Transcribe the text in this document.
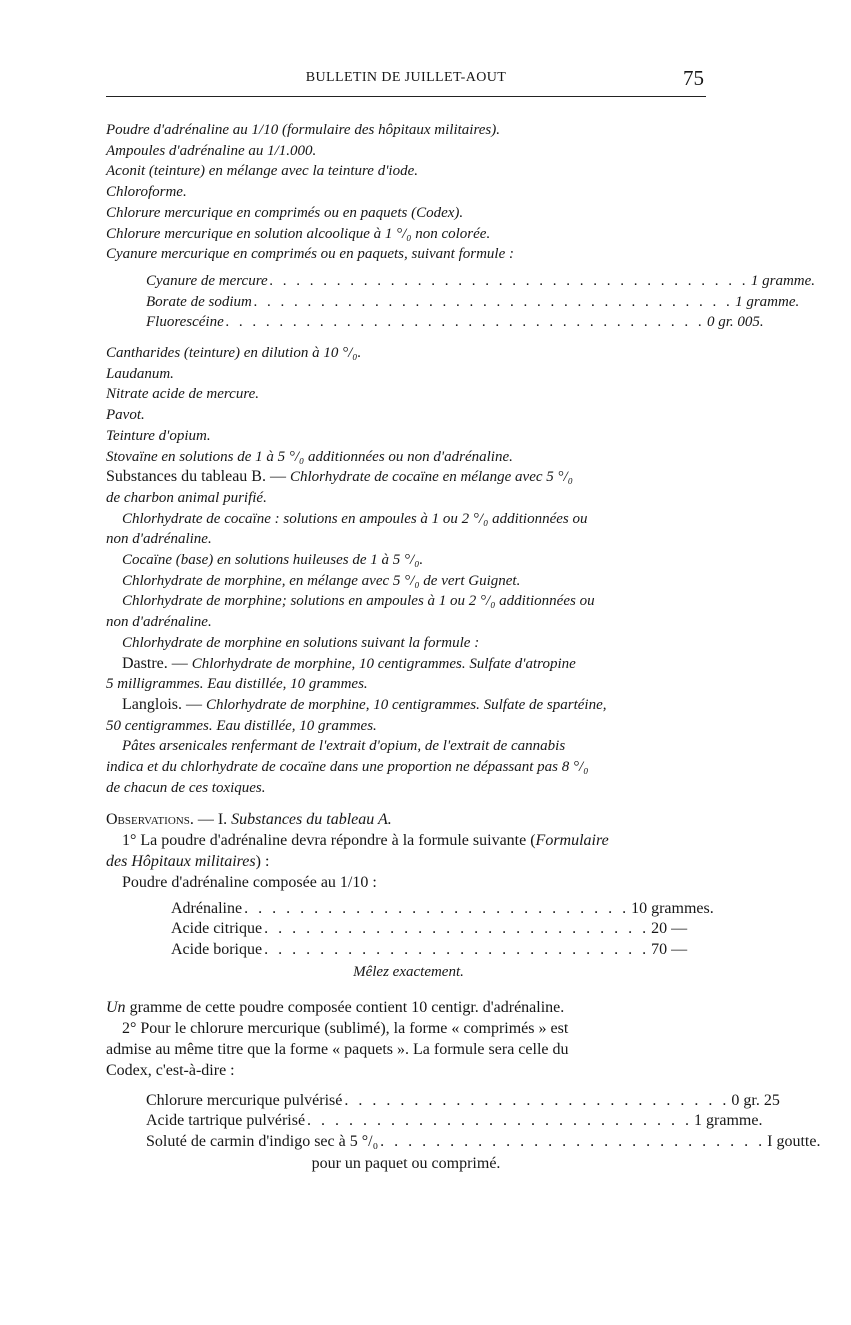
BULLETIN DE JUILLET-AOUT	75

Poudre d'adrénaline au 1/10 (formulaire des hôpitaux militaires).

Ampoules d'adrénaline au 1/1.000.

Aconit (teinture) en mélange avec la teinture d'iode.

Chloroforme.

Chlorure mercurique en comprimés ou en paquets (Codex).

Chlorure mercurique en solution alcoolique à 1 °/₀ non colorée.

Cyanure mercurique en comprimés ou en paquets, suivant formule :

Cyanure de mercure . . . . . . . . . . . . . . . . . . . . . . . . . . . . . . . . . . . . 1 gramme.
Borate de sodium . . . . . . . . . . . . . . . . . . . . . . . . . . . . . . . . . . . . 1 gramme.
Fluorescéine . . . . . . . . . . . . . . . . . . . . . . . . . . . . . . . . . . . . 0 gr. 005.

Cantharides (teinture) en dilution à 10 °/₀.

Laudanum.

Nitrate acide de mercure.

Pavot.

Teinture d'opium.

Stovaïne en solutions de 1 à 5 °/₀ additionnées ou non d'adrénaline.

Substances du tableau B. — Chlorhydrate de cocaïne en mélange avec 5 °/₀

de charbon animal purifié.

Chlorhydrate de cocaïne : solutions en ampoules à 1 ou 2 °/₀ additionnées ou

non d'adrénaline.

Cocaïne (base) en solutions huileuses de 1 à 5 °/₀.

Chlorhydrate de morphine, en mélange avec 5 °/₀ de vert Guignet.

Chlorhydrate de morphine; solutions en ampoules à 1 ou 2 °/₀ additionnées ou

non d'adrénaline.

Chlorhydrate de morphine en solutions suivant la formule :

Dastre. — Chlorhydrate de morphine, 10 centigrammes. Sulfate d'atropine

5 milligrammes. Eau distillée, 10 grammes.

Langlois. — Chlorhydrate de morphine, 10 centigrammes. Sulfate de spartéine,

50 centigrammes. Eau distillée, 10 grammes.

Pâtes arsenicales renfermant de l'extrait d'opium, de l'extrait de cannabis

indica et du chlorhydrate de cocaïne dans une proportion ne dépassant pas 8 °/₀

de chacun de ces toxiques.

Observations. — I. Substances du tableau A.

1° La poudre d'adrénaline devra répondre à la formule suivante (Formulaire

des Hôpitaux militaires) :

Poudre d'adrénaline composée au 1/10 :

Adrénaline . . . . . . . . . . . . . . . . . . . . . . . . . . . . 10 grammes.
Acide citrique . . . . . . . . . . . . . . . . . . . . . . . . . . . . 20 —
Acide borique . . . . . . . . . . . . . . . . . . . . . . . . . . . . 70 —

Mêlez exactement.

Un gramme de cette poudre composée contient 10 centigr. d'adrénaline.

2° Pour le chlorure mercurique (sublimé), la forme « comprimés » est

admise au même titre que la forme « paquets ». La formule sera celle du

Codex, c'est-à-dire :

Chlorure mercurique pulvérisé . . . . . . . . . . . . . . . . . . . . . . . . . . . . 0 gr. 25
Acide tartrique pulvérisé . . . . . . . . . . . . . . . . . . . . . . . . . . . . 1 gramme.
Soluté de carmin d'indigo sec à 5 °/₀ . . . . . . . . . . . . . . . . . . . . . . . . . . . . I goutte.

pour un paquet ou comprimé.
